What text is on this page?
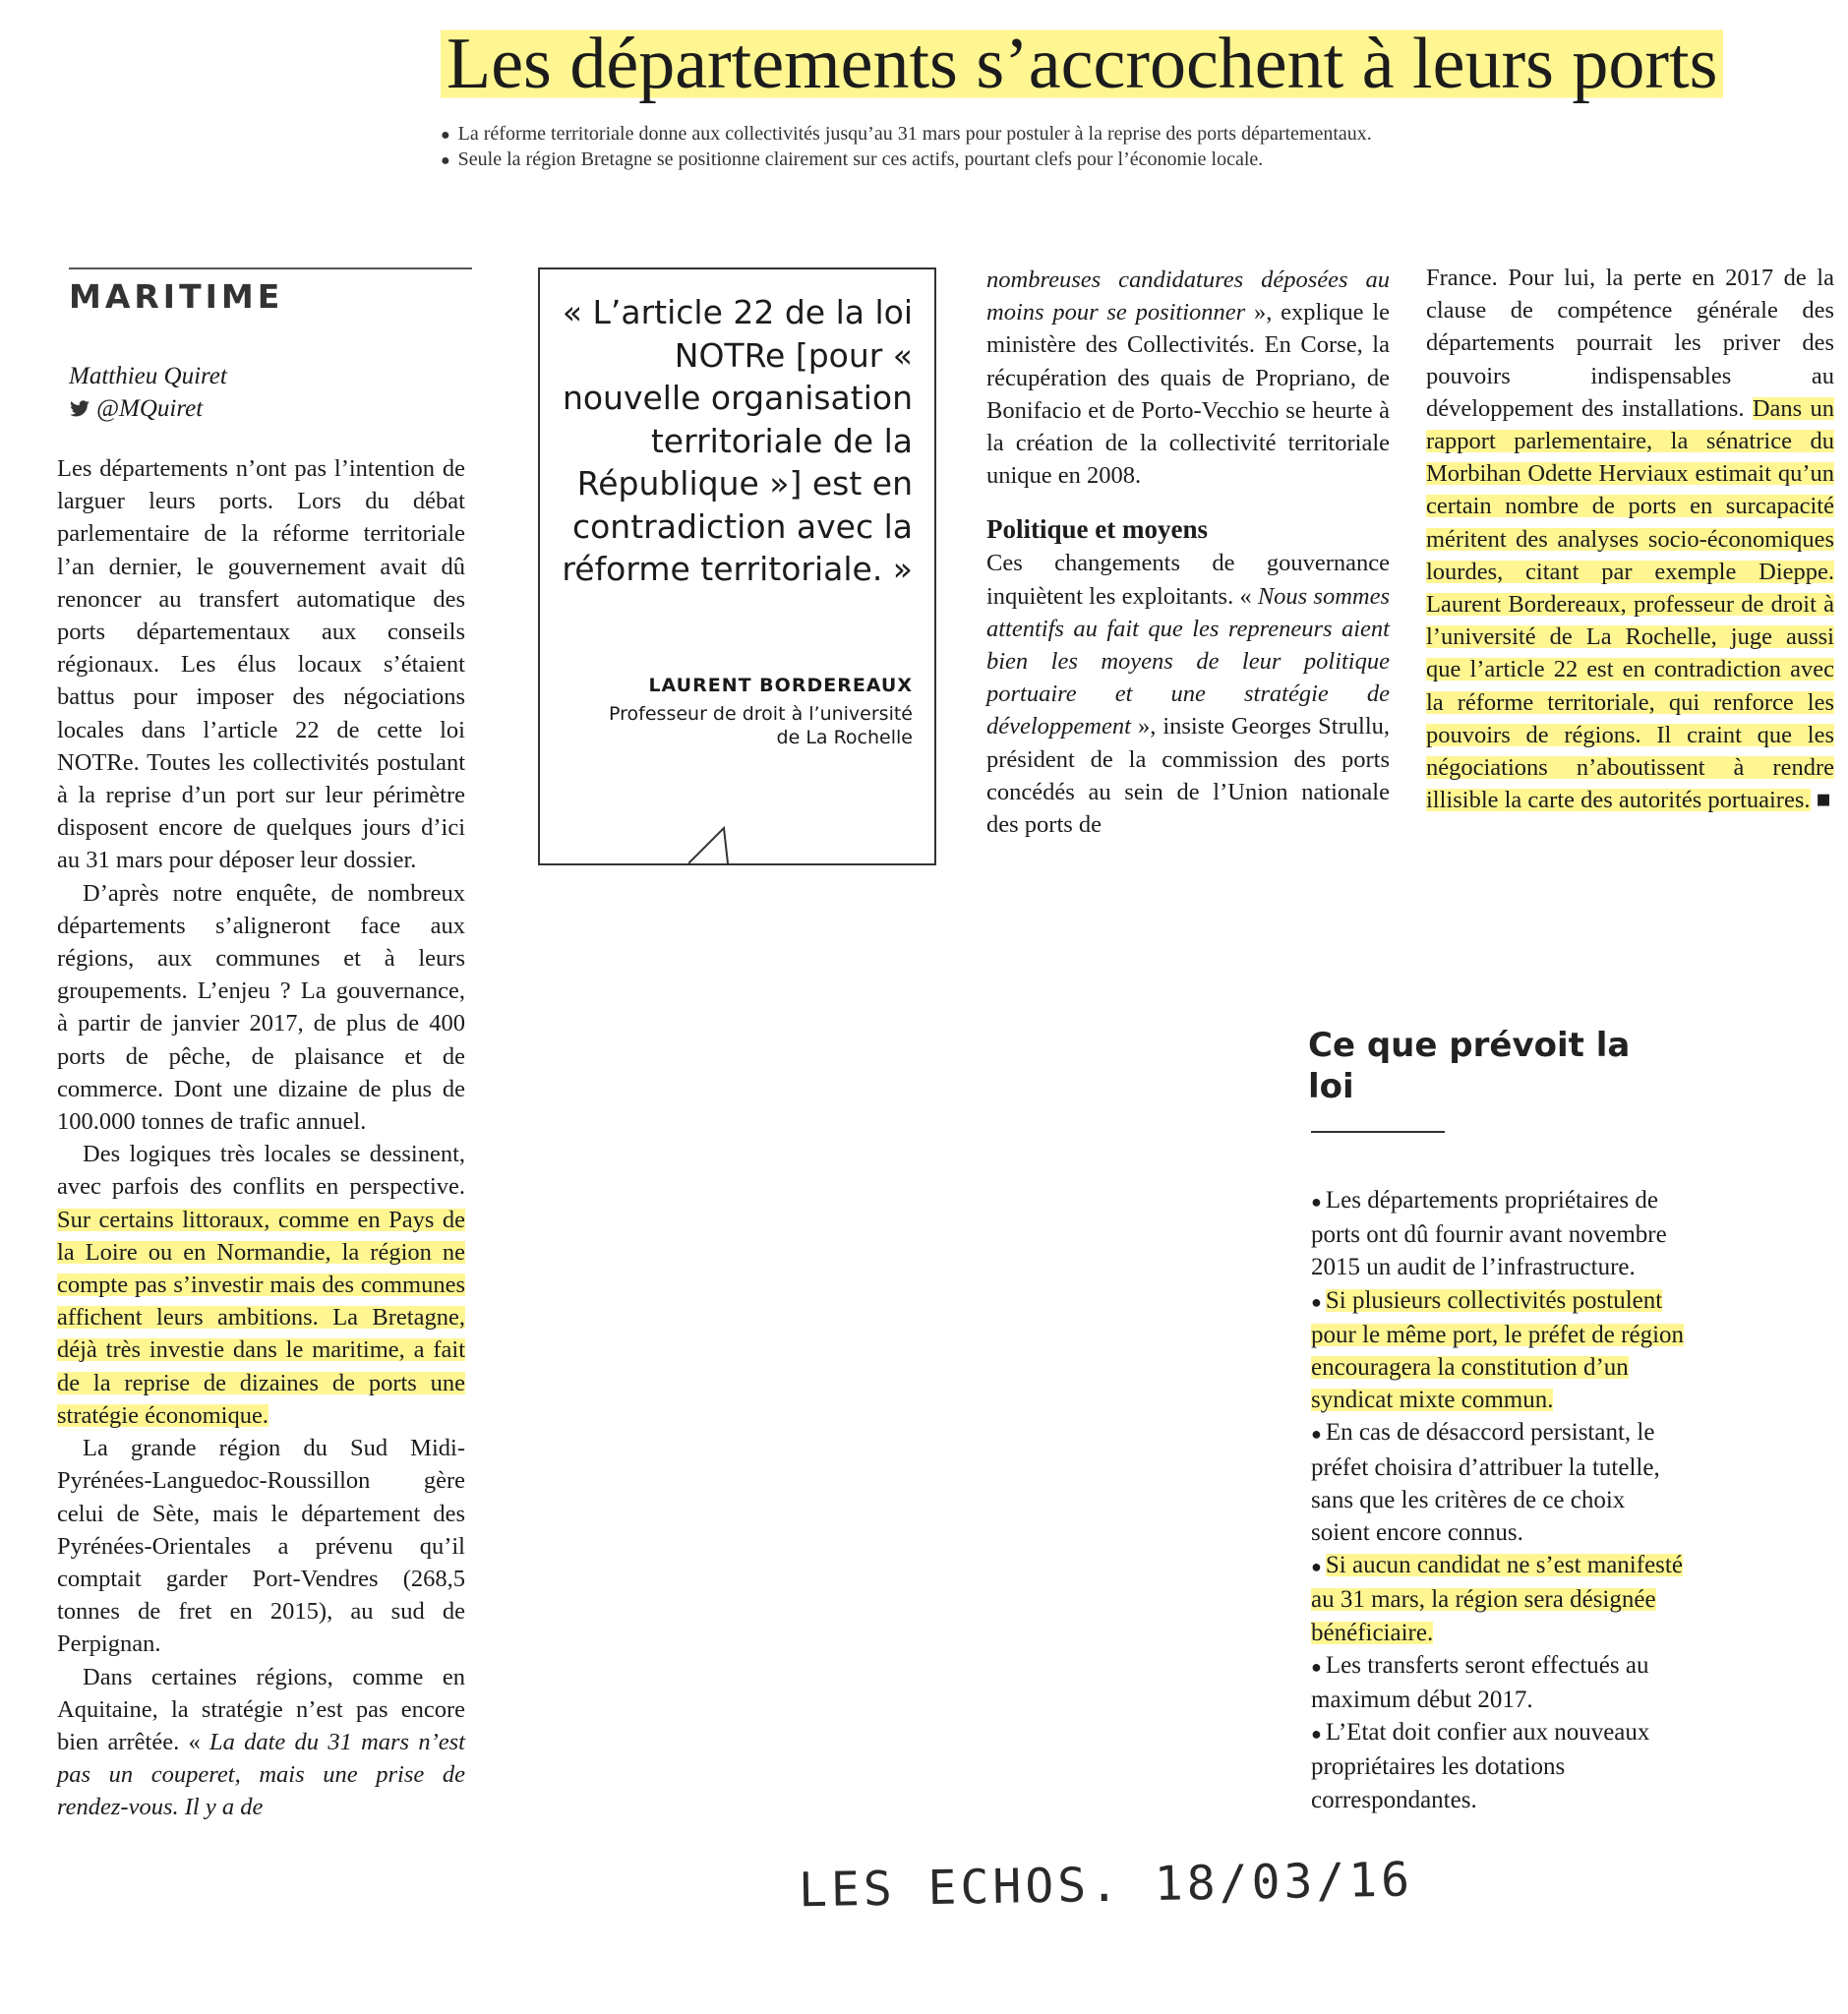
Les départements s’accrochent à leurs ports
● La réforme territoriale donne aux collectivités jusqu’au 31 mars pour postuler à la reprise des ports départementaux.
● Seule la région Bretagne se positionne clairement sur ces actifs, pourtant clefs pour l’économie locale.
MARITIME
Matthieu Quiret
@MQuiret

Les départements n’ont pas l’intention de larguer leurs ports. Lors du débat parlementaire de la réforme territoriale l’an dernier, le gouvernement avait dû renoncer au transfert automatique des ports départementaux aux conseils régionaux. Les élus locaux s’étaient battus pour imposer des négociations locales dans l’article 22 de cette loi NOTRe. Toutes les collectivités postulant à la reprise d’un port sur leur périmètre disposent encore de quelques jours d’ici au 31 mars pour déposer leur dossier.

D’après notre enquête, de nombreux départements s’aligneront face aux régions, aux communes et à leurs groupements. L’enjeu ? La gouvernance, à partir de janvier 2017, de plus de 400 ports de pêche, de plaisance et de commerce. Dont une dizaine de plus de 100.000 tonnes de trafic annuel.

Des logiques très locales se dessinent, avec parfois des conflits en perspective. Sur certains littoraux, comme en Pays de la Loire ou en Normandie, la région ne compte pas s’investir mais des communes affichent leurs ambitions. La Bretagne, déjà très investie dans le maritime, a fait de la reprise de dizaines de ports une stratégie économique.

La grande région du Sud Midi-Pyrénées-Languedoc-Roussillon gère celui de Sète, mais le département des Pyrénées-Orientales a prévenu qu’il comptait garder Port-Vendres (268,5 tonnes de fret en 2015), au sud de Perpignan.

Dans certaines régions, comme en Aquitaine, la stratégie n’est pas encore bien arrêtée. « La date du 31 mars n’est pas un couperet, mais une prise de rendez-vous. Il y a de

« L’article 22 de la loi NOTRe [pour « nouvelle organisation territoriale de la République »] est en contradiction avec la réforme territoriale. »
LAURENT BORDEREAUX
Professeur de droit à l’université de La Rochelle

nombreuses candidatures déposées au moins pour se positionner », explique le ministère des Collectivités. En Corse, la récupération des quais de Propriano, de Bonifacio et de Porto-Vecchio se heurte à la création de la collectivité territoriale unique en 2008.

Politique et moyens

Ces changements de gouvernance inquiètent les exploitants. « Nous sommes attentifs au fait que les repreneurs aient bien les moyens de leur politique portuaire et une stratégie de développement », insiste Georges Strullu, président de la commission des ports concédés au sein de l’Union nationale des ports de

France. Pour lui, la perte en 2017 de la clause de compétence générale des départements pourrait les priver des pouvoirs indispensables au développement des installations. Dans un rapport parlementaire, la sénatrice du Morbihan Odette Herviaux estimait qu’un certain nombre de ports en surcapacité méritent des analyses socio-économiques lourdes, citant par exemple Dieppe. Laurent Bordereaux, professeur de droit à l’université de La Rochelle, juge aussi que l’article 22 est en contradiction avec la réforme territoriale, qui renforce les pouvoirs de régions. Il craint que les négociations n’aboutissent à rendre illisible la carte des autorités portuaires. ■

Ce que prévoit la loi

● Les départements propriétaires de ports ont dû fournir avant novembre 2015 un audit de l’infrastructure.

● Si plusieurs collectivités postulent pour le même port, le préfet de région encouragera la constitution d’un syndicat mixte commun.

● En cas de désaccord persistant, le préfet choisira d’attribuer la tutelle, sans que les critères de ce choix soient encore connus.

● Si aucun candidat ne s’est manifesté au 31 mars, la région sera désignée bénéficiaire.

● Les transferts seront effectués au maximum début 2017.

● L’Etat doit confier aux nouveaux propriétaires les dotations correspondantes.

LES ECHOS. 18/03/16
